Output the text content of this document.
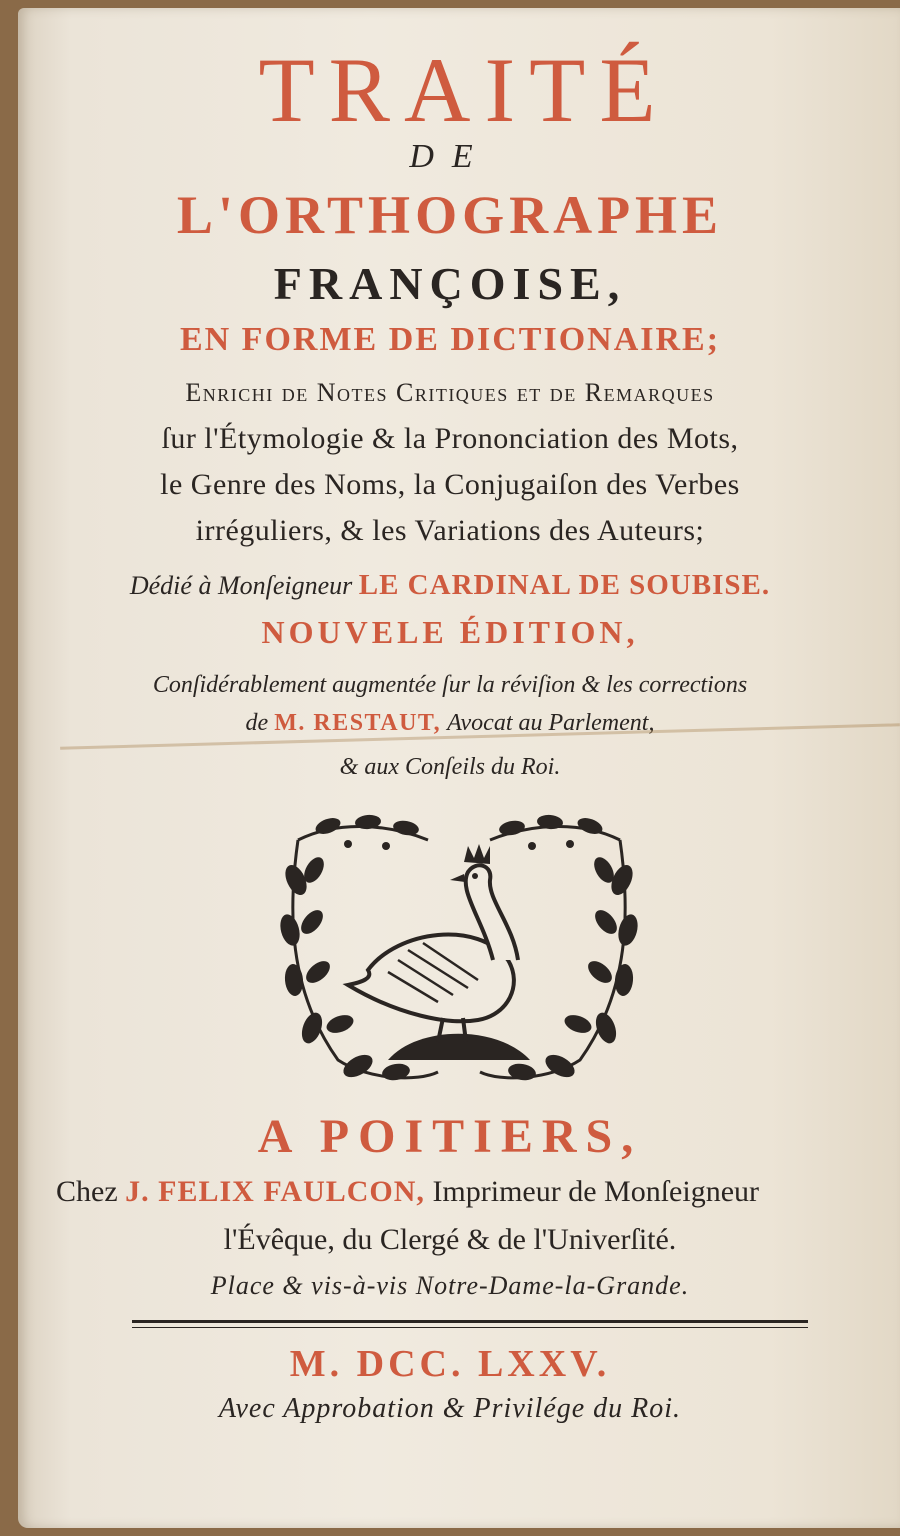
TRAITÉ
DE
L'ORTHOGRAPHE
FRANÇOISE,
EN FORME DE DICTIONAIRE;
Enrichi de Notes Critiques et de Remarques
ſur l'Étymologie & la Prononciation des Mots,
le Genre des Noms, la Conjugaiſon des Verbes
irréguliers, & les Variations des Auteurs;
Dédié à Monſeigneur LE CARDINAL DE SOUBISE.
NOUVELE ÉDITION,
Conſidérablement augmentée ſur la réviſion & les corrections
de M. RESTAUT, Avocat au Parlement,
& aux Conſeils du Roi.
A POITIERS,
Chez J. FELIX FAULCON, Imprimeur de Monſeigneur
l'Évêque, du Clergé & de l'Univerſité.
Place & vis-à-vis Notre-Dame-la-Grande.
M. DCC. LXXV.
Avec Approbation & Privilége du Roi.
